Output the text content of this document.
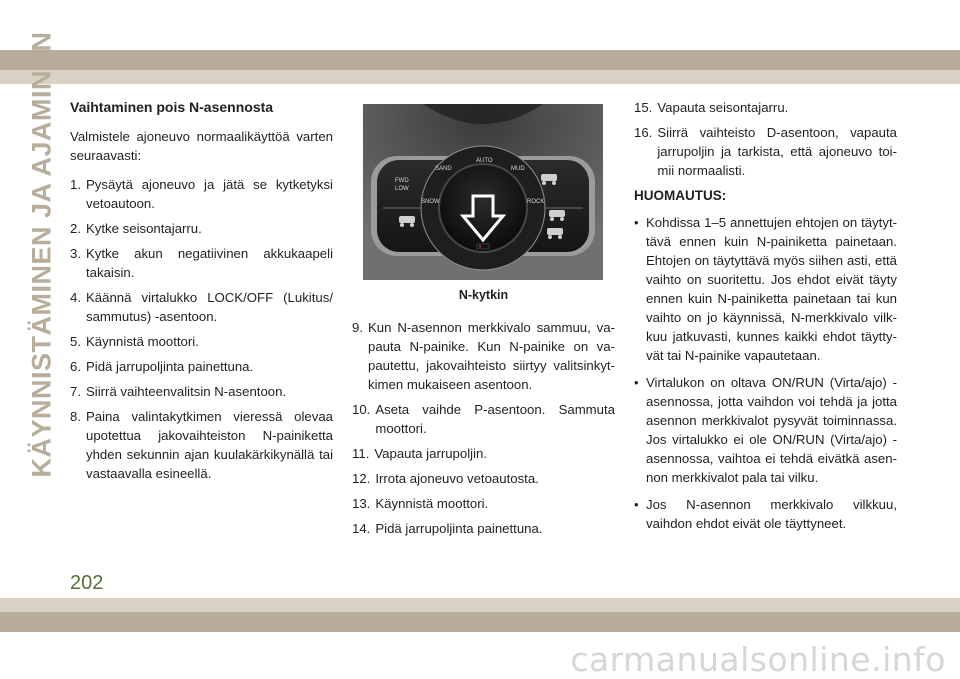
KÄYNNISTÄMINEN JA AJAMINEN Vaihtaminen pois N-asennosta

Valmistele ajoneuvo normaalikäyttöä varten seuraavasti:

1. Pysäytä ajoneuvo ja jätä se kytketyksi vetoautoon.
2. Kytke seisontajarru.
3. Kytke akun negatiivinen akkukaapeli takaisin.
4. Käännä virtalukko LOCK/OFF (Lukitus/ sammutus) -asentoon.
5. Käynnistä moottori.
6. Pidä jarrupoljinta painettuna.
7. Siirrä vaihteenvalitsin N-asentoon.
8. Paina valintakytkimen vieressä olevaa upotettua jakovaihteiston N-painiketta yhden sekunnin ajan kuulakärkikynällä tai vastaavalla esineellä.
AUTO
SAND	MUD
FWD
LOW
SNOW	ROCK
N-kytkin
9. Kun N-asennon merkkivalo sammuu, va-pauta N-painike. Kun N-painike on va-pautettu, jakovaihteisto siirtyy valitsinkyt-kimen mukaiseen asentoon.
10. Aseta vaihde P-asentoon. Sammuta moottori.
11. Vapauta jarrupoljin.
12. Irrota ajoneuvo vetoautosta.
13. Käynnistä moottori.
14. Pidä jarrupoljinta painettuna.
15. Vapauta seisontajarru.
16. Siirrä vaihteisto D-asentoon, vapauta jarrupoljin ja tarkista, että ajoneuvo toi-mii normaalisti.
HUOMAUTUS:
• Kohdissa 1–5 annettujen ehtojen on täytyt-tävä ennen kuin N-painiketta painetaan. Ehtojen on täytyttävä myös siihen asti, että vaihto on suoritettu. Jos ehdot eivät täyty ennen kuin N-painiketta painetaan tai kun vaihto on jo käynnissä, N-merkkivalo vilk-kuu jatkuvasti, kunnes kaikki ehdot täytty-vät tai N-painike vapautetaan.
• Virtalukon on oltava ON/RUN (Virta/ajo) -asennossa, jotta vaihdon voi tehdä ja jotta asennon merkkivalot pysyvät toiminnassa. Jos virtalukko ei ole ON/RUN (Virta/ajo) -asennossa, vaihtoa ei tehdä eivätkä asen-non merkkivalot pala tai vilku.
• Jos N-asennon merkkivalo vilkkuu, vaihdon ehdot eivät ole täyttyneet.
202
carmanualsonline.info
